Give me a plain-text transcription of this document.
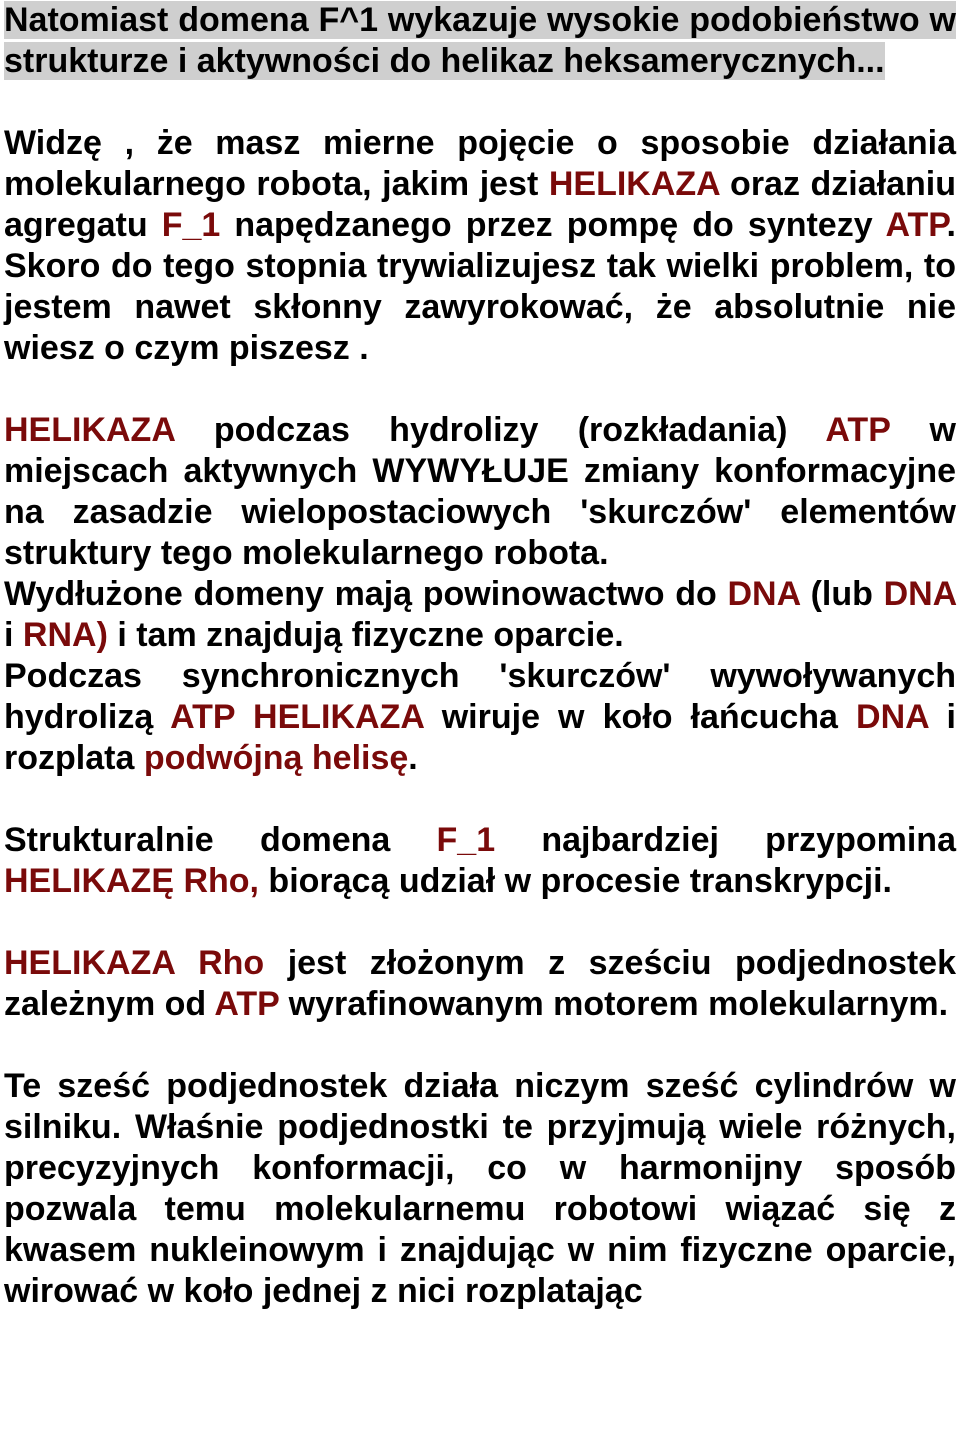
Natomiast domena F^1 wykazuje wysokie podobieństwo w strukturze i aktywności do helikaz heksamerycznych...

Widzę , że masz mierne pojęcie o sposobie działania molekularnego robota, jakim jest HELIKAZA oraz działaniu agregatu F_1 napędzanego przez pompę do syntezy ATP. Skoro do tego stopnia trywializujesz tak wielki problem, to jestem nawet skłonny zawyrokować, że absolutnie nie wiesz o czym piszesz .

HELIKAZA podczas hydrolizy (rozkładania) ATP w miejscach aktywnych WYWYŁUJE zmiany konformacyjne na zasadzie wielopostaciowych 'skurczów' elementów struktury tego molekularnego robota.

Wydłużone domeny mają powinowactwo do DNA (lub DNA i RNA) i tam znajdują fizyczne oparcie.

Podczas synchronicznych 'skurczów' wywoływanych hydrolizą ATP HELIKAZA wiruje w koło łańcucha DNA i rozplata podwójną helisę.

Strukturalnie domena F_1 najbardziej przypomina HELIKAZĘ Rho, biorącą udział w procesie transkrypcji.

HELIKAZA Rho jest złożonym z sześciu podjednostek zależnym od ATP wyrafinowanym motorem molekularnym.

Te sześć podjednostek działa niczym sześć cylindrów w silniku. Właśnie podjednostki te przyjmują wiele różnych, precyzyjnych konformacji, co w harmonijny sposób pozwala temu molekularnemu robotowi wiązać się z kwasem nukleinowym i znajdując w nim fizyczne oparcie, wirować w koło jednej z nici rozplatając
